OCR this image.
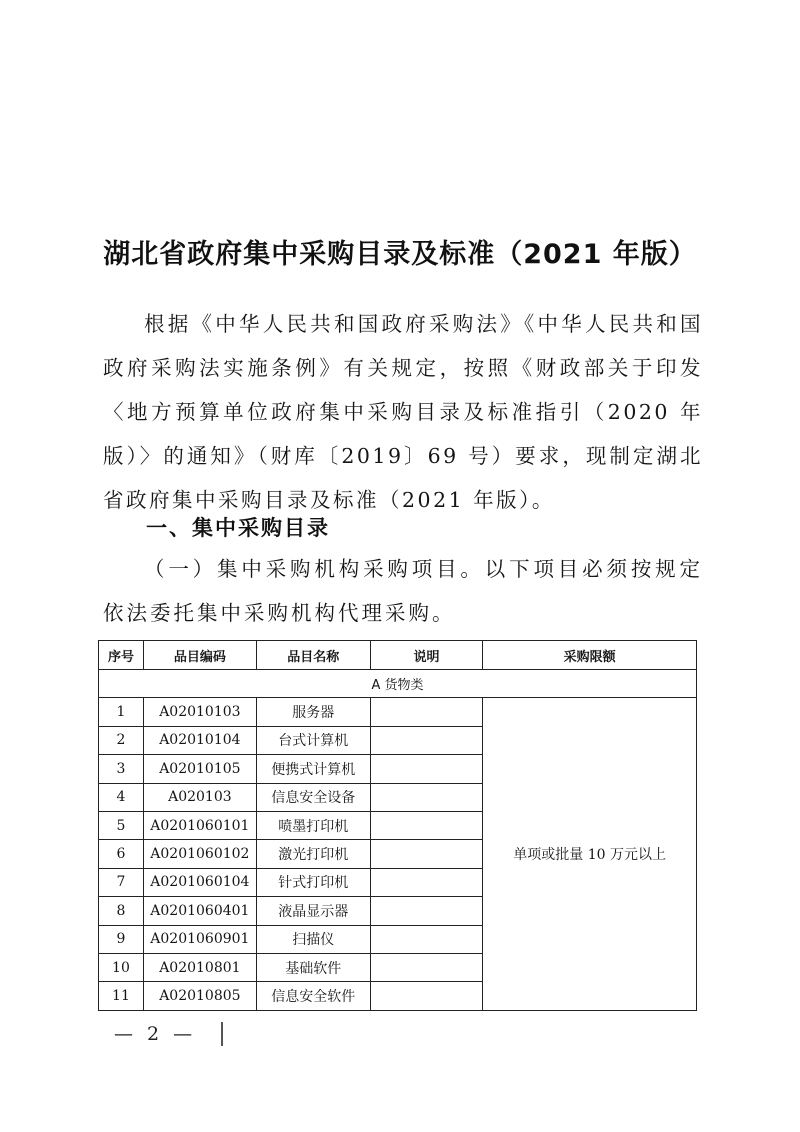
湖北省政府集中采购目录及标准（2021 年版）
根据《中华人民共和国政府采购法》《中华人民共和国政府采购法实施条例》有关规定，按照《财政部关于印发〈地方预算单位政府集中采购目录及标准指引（2020 年版）〉的通知》（财库〔2019〕69 号）要求，现制定湖北省政府集中采购目录及标准（2021 年版）。
一、集中采购目录
（一）集中采购机构采购项目。以下项目必须按规定依法委托集中采购机构代理采购。
序号	品目编码	品目名称	说明	采购限额
A 货物类				
1	A02010103	服务器		单项或批量 10 万元以上
2	A02010104	台式计算机		
3	A02010105	便携式计算机		
4	A020103	信息安全设备		
5	A0201060101	喷墨打印机		
6	A0201060102	激光打印机		
7	A0201060104	针式打印机		
8	A0201060401	液晶显示器		
9	A0201060901	扫描仪		
10	A02010801	基础软件		
11	A02010805	信息安全软件		
— 2 —
